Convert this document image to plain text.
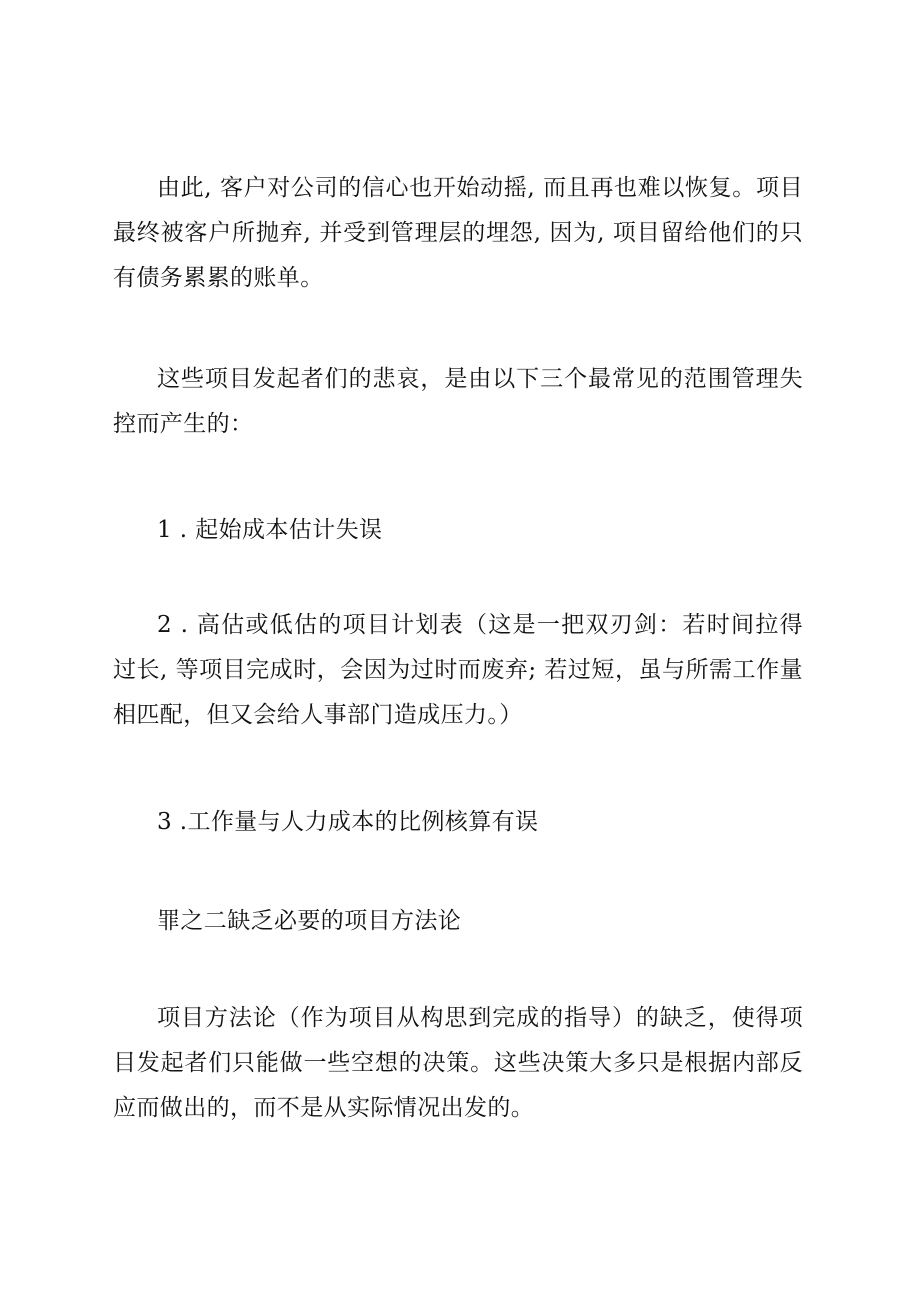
由此, 客户对公司的信心也开始动摇, 而且再也难以恢复。项目最终被客户所抛弃, 并受到管理层的埋怨, 因为, 项目留给他们的只有债务累累的账单。

这些项目发起者们的悲哀，是由以下三个最常见的范围管理失控而产生的：

1 . 起始成本估计失误

2 . 高估或低估的项目计划表（这是一把双刃剑：若时间拉得过长, 等项目完成时，会因为过时而废弃; 若过短，虽与所需工作量相匹配，但又会给人事部门造成压力。）

3 .工作量与人力成本的比例核算有误

罪之二缺乏必要的项目方法论

项目方法论（作为项目从构思到完成的指导）的缺乏，使得项目发起者们只能做一些空想的决策。这些决策大多只是根据内部反应而做出的，而不是从实际情况出发的。
